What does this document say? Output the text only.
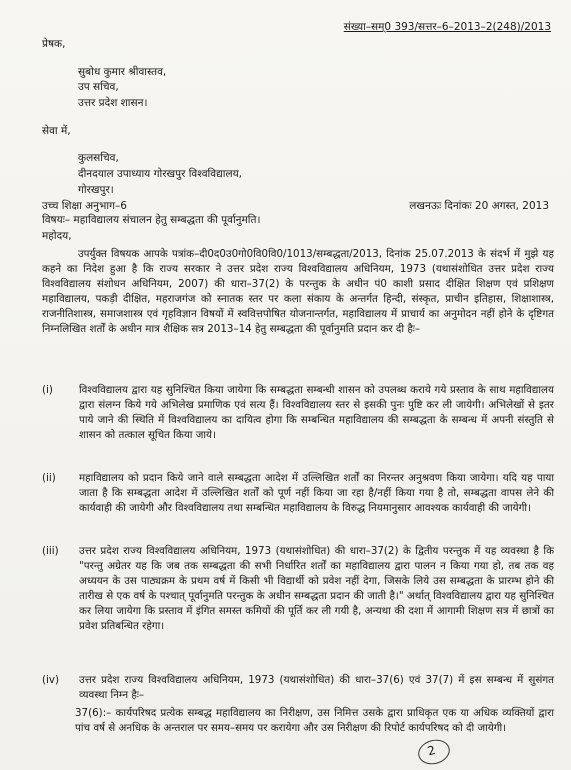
संख्या–सम्0 393/सत्तर–6–2013–2(248)/2013
प्रेषक,
सुबोध कुमार श्रीवास्तव,
उप सचिव,
उत्तर प्रदेश शासन।
सेवा में,
कुलसचिव,
दीनदयाल उपाध्याय गोरखपुर विश्वविद्यालय,
गोरखपुर।
उच्च शिक्षा अनुभाग–6	लखनऊः दिनांकः 20 अगस्त, 2013
विषयः– महाविद्यालय संचालन हेतु सम्बद्धता की पूर्वानुमति।
महोदय,
उपर्युक्त विषयक आपके पत्रांक–दी0द0उ0गो0वि0वि0/1013/सम्बद्धता/2013, दिनांक 25.07.2013 के संदर्भ में मुझे यह कहने का निदेश हुआ है कि राज्य सरकार ने उत्तर प्रदेश राज्य विश्वविद्यालय अधिनियम, 1973 (यथासंशोधित उत्तर प्रदेश राज्य विश्वविद्यालय संशोधन अधिनियम, 2007) की धारा–37(2) के परन्तुक के अधीन पं0 काशी प्रसाद दीक्षित शिक्षण एवं प्रशिक्षण महाविद्यालय, पकड़ी दीक्षित, महराजगंज को स्नातक स्तर पर कला संकाय के अन्तर्गत हिन्दी, संस्कृत, प्राचीन इतिहास, शिक्षाशास्त्र, राजनीतिशास्त्र, समाजशास्त्र एवं गृहविज्ञान विषयों में स्ववित्तपोषित योजनान्तर्गत, महाविद्यालय में प्राचार्य का अनुमोदन नहीं होने के दृष्टिगत निम्नलिखित शर्तों के अधीन मात्र शैक्षिक सत्र 2013–14 हेतु सम्बद्धता की पूर्वानुमति प्रदान कर दी हैः–
(i)	विश्वविद्यालय द्वारा यह सुनिश्चित किया जायेगा कि सम्बद्धता सम्बन्धी शासन को उपलब्ध कराये गये प्रस्ताव के साथ महाविद्यालय द्वारा संलग्न किये गये अभिलेख प्रमाणिक एवं सत्य हैं। विश्वविद्यालय स्तर से इसकी पुनः पुष्टि कर ली जायेगी। अभिलेखों से इतर पाये जाने की स्थिति में विश्वविद्यालय का दायित्व होगा कि सम्बन्धित महाविद्यालय की सम्बद्धता के सम्बन्ध में अपनी संस्तुति से शासन को तत्काल सूचित किया जाये।
(ii)	महाविद्यालय को प्रदान किये जाने वाले सम्बद्धता आदेश में उल्लिखित शर्तों का निरन्तर अनुश्रवण किया जायेगा। यदि यह पाया जाता है कि सम्बद्धता आदेश में उल्लिखित शर्तों को पूर्ण नहीं किया जा रहा है/नहीं किया गया है तो, सम्बद्धता वापस लेने की कार्यवाही की जायेगी और विश्वविद्यालय तथा सम्बन्धित महाविद्यालय के विरुद्ध नियमानुसार आवश्यक कार्यवाही की जायेगी।
(iii)	उत्तर प्रदेश राज्य विश्वविद्यालय अधिनियम, 1973 (यथासंशोधित) की धारा–37(2) के द्वितीय परन्तुक में यह व्यवस्था है कि "परन्तु अग्रेतर यह कि जब तक सम्बद्धता की सभी निर्धारित शर्तों का महाविद्यालय द्वारा पालन न किया गया हो, तब तक वह अध्ययन के उस पाठ्यक्रम के प्रथम वर्ष में किसी भी विद्यार्थी को प्रवेश नहीं देगा, जिसके लिये उस सम्बद्धता के प्रारम्भ होने की तारीख से एक वर्ष के पश्चात् पूर्वानुमति परन्तुक के अधीन सम्बद्धता प्रदान की जाती है।" अर्थात् विश्वविद्यालय द्वारा यह सुनिश्चित कर लिया जायेगा कि प्रस्ताव में इंगित समस्त कमियों की पूर्ति कर ली गयी है, अन्यथा की दशा में आगामी शिक्षण सत्र में छात्रों का प्रवेश प्रतिबन्धित रहेगा।
(iv)	उत्तर प्रदेश राज्य विश्वविद्यालय अधिनियम, 1973 (यथासंशोधित) की धारा–37(6) एवं 37(7) में इस सम्बन्ध में सुसंगत व्यवस्था निम्न हैः–
37(6):– कार्यपरिषद प्रत्येक सम्बद्ध महाविद्यालय का निरीक्षण, उस निमित्त उसके द्वारा प्राधिकृत एक या अधिक व्यक्तियों द्वारा पांच वर्ष से अनधिक के अन्तराल पर समय–समय पर करायेगा और उस निरीक्षण की रिपोर्ट कार्यपरिषद को दी जायेगी।
2
